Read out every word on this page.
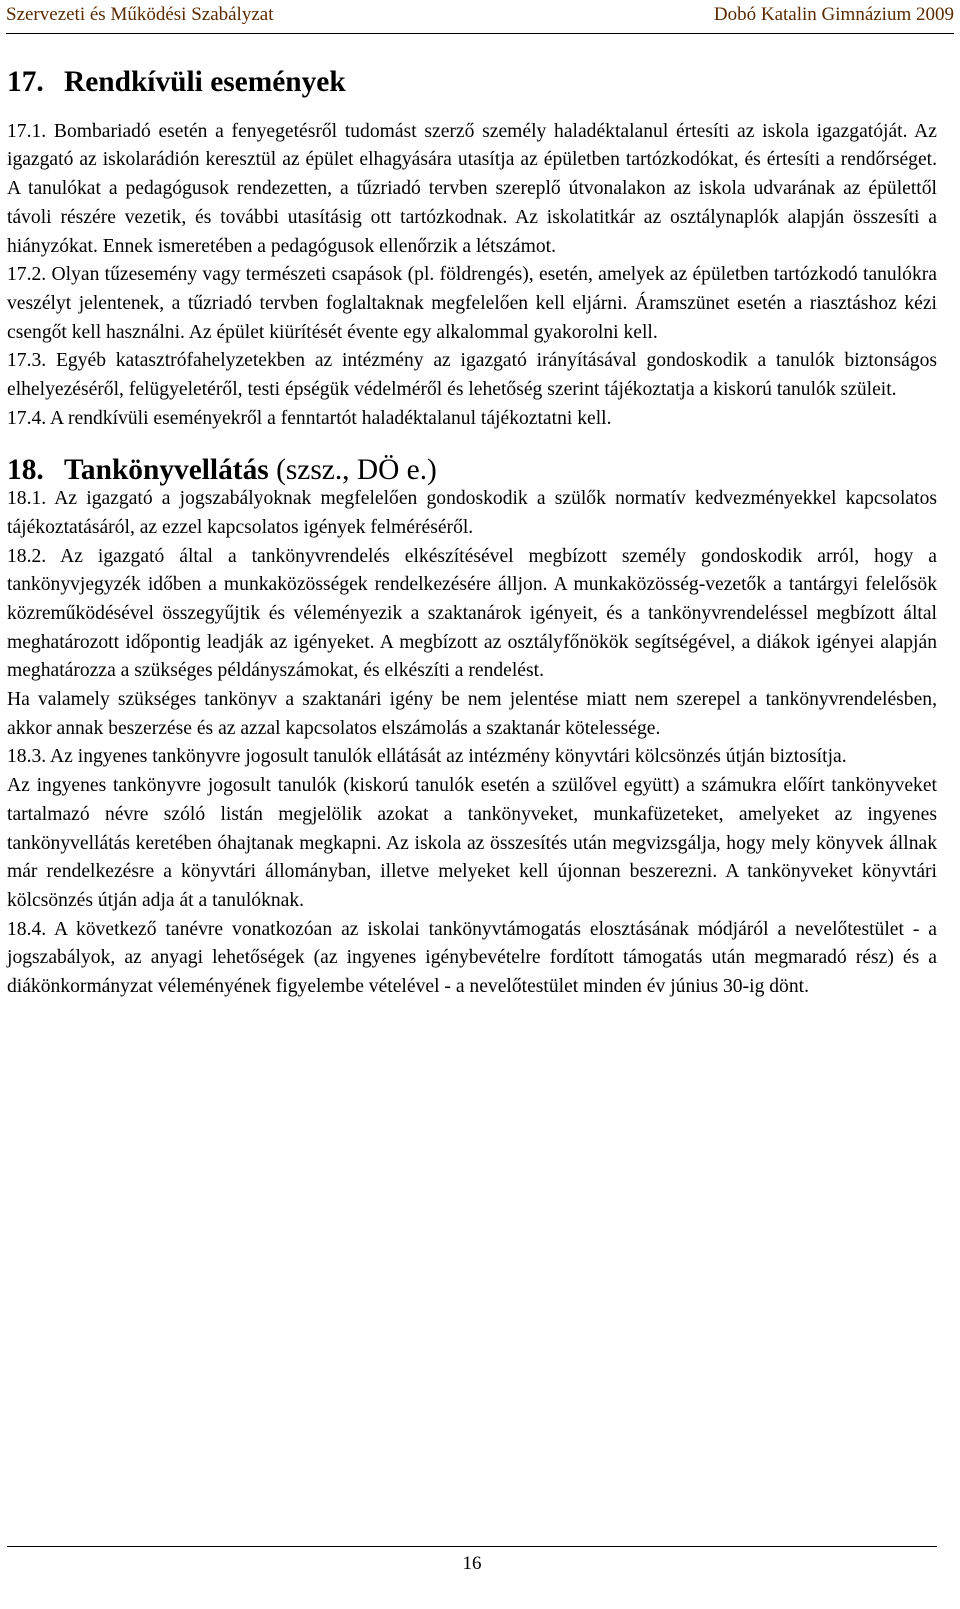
Szervezeti és Működési Szabályzat	Dobó Katalin Gimnázium 2009
17. Rendkívüli események

17.1. Bombariadó esetén a fenyegetésről tudomást szerző személy haladéktalanul értesíti az iskola igazgatóját. Az igazgató az iskolarádión keresztül az épület elhagyására utasítja az épületben tartózkodókat, és értesíti a rendőrséget. A tanulókat a pedagógusok rendezetten, a tűzriadó tervben szereplő útvonalakon az iskola udvarának az épülettől távoli részére vezetik, és további utasításig ott tartózkodnak. Az iskolatitkár az osztálynaplók alapján összesíti a hiányzókat. Ennek ismeretében a pedagógusok ellenőrzik a létszámot.

17.2. Olyan tűzesemény vagy természeti csapások (pl. földrengés), esetén, amelyek az épületben tartózkodó tanulókra veszélyt jelentenek, a tűzriadó tervben foglaltaknak megfelelően kell eljárni. Áramszünet esetén a riasztáshoz kézi csengőt kell használni. Az épület kiürítését évente egy alkalommal gyakorolni kell.

17.3. Egyéb katasztrófahelyzetekben az intézmény az igazgató irányításával gondoskodik a tanulók biztonságos elhelyezéséről, felügyeletéről, testi épségük védelméről és lehetőség szerint tájékoztatja a kiskorú tanulók szüleit.

17.4. A rendkívüli eseményekről a fenntartót haladéktalanul tájékoztatni kell.

18. Tankönyvellátás (szsz., DÖ e.)

18.1. Az igazgató a jogszabályoknak megfelelően gondoskodik a szülők normatív kedvezményekkel kapcsolatos tájékoztatásáról, az ezzel kapcsolatos igények felméréséről.

18.2. Az igazgató által a tankönyvrendelés elkészítésével megbízott személy gondoskodik arról, hogy a tankönyvjegyzék időben a munkaközösségek rendelkezésére álljon. A munkaközösség-vezetők a tantárgyi felelősök közreműködésével összegyűjtik és véleményezik a szaktanárok igényeit, és a tankönyvrendeléssel megbízott által meghatározott időpontig leadják az igényeket. A megbízott az osztályfőnökök segítségével, a diákok igényei alapján meghatározza a szükséges példányszámokat, és elkészíti a rendelést.

Ha valamely szükséges tankönyv a szaktanári igény be nem jelentése miatt nem szerepel a tankönyvrendelésben, akkor annak beszerzése és az azzal kapcsolatos elszámolás a szaktanár kötelessége.

18.3. Az ingyenes tankönyvre jogosult tanulók ellátását az intézmény könyvtári kölcsönzés útján biztosítja.

Az ingyenes tankönyvre jogosult tanulók (kiskorú tanulók esetén a szülővel együtt) a számukra előírt tankönyveket tartalmazó névre szóló listán megjelölik azokat a tankönyveket, munkafüzeteket, amelyeket az ingyenes tankönyvellátás keretében óhajtanak megkapni. Az iskola az összesítés után megvizsgálja, hogy mely könyvek állnak már rendelkezésre a könyvtári állományban, illetve melyeket kell újonnan beszerezni. A tankönyveket könyvtári kölcsönzés útján adja át a tanulóknak.

18.4. A következő tanévre vonatkozóan az iskolai tankönyvtámogatás elosztásának módjáról a nevelőtestület - a jogszabályok, az anyagi lehetőségek (az ingyenes igénybevételre fordított támogatás után megmaradó rész) és a diákönkormányzat véleményének figyelembe vételével - a nevelőtestület minden év június 30-ig dönt.

16
